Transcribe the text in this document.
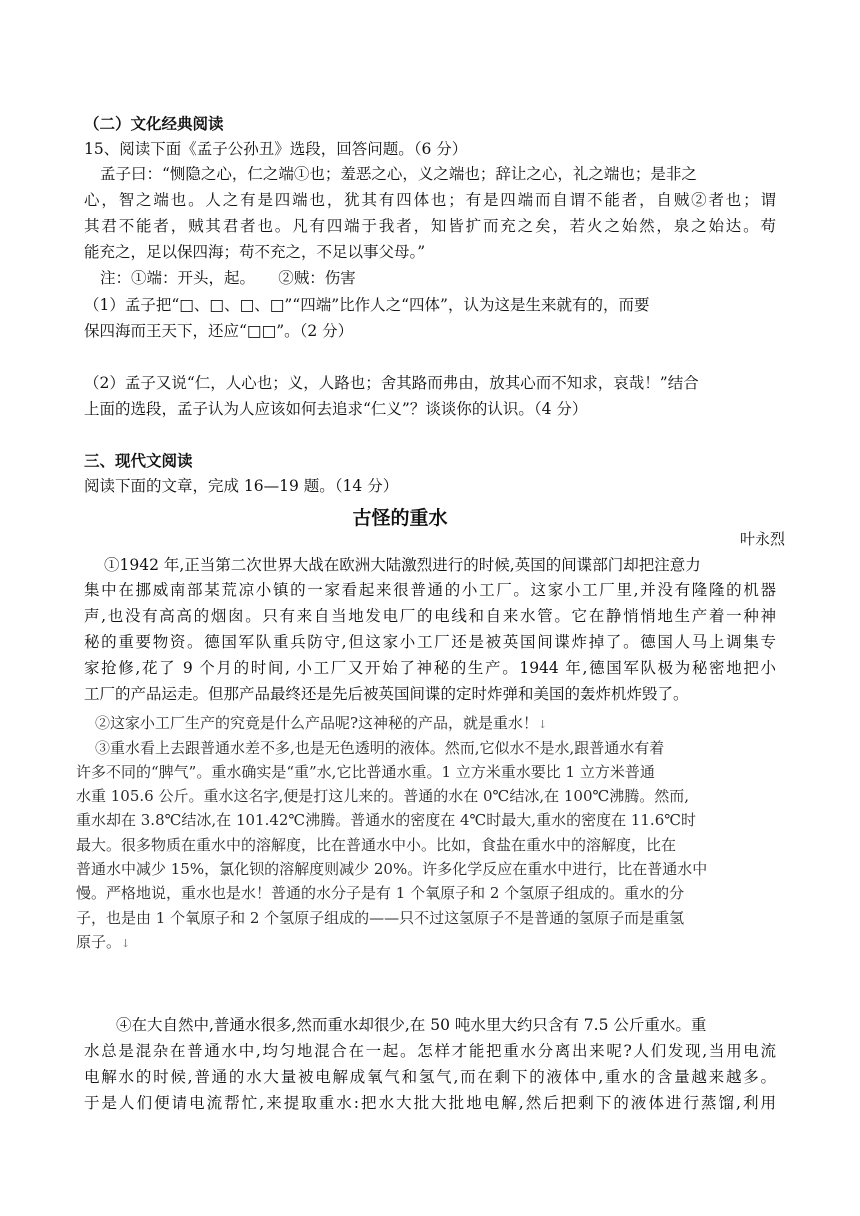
（二）文化经典阅读
15、阅读下面《孟子公孙丑》选段，回答问题。（6 分）
孟子曰：“恻隐之心，仁之端①也；羞恶之心，义之端也；辞让之心，礼之端也；是非之
心，智之端也。人之有是四端也，犹其有四体也；有是四端而自谓不能者，自贼②者也；谓
其君不能者，贼其君者也。凡有四端于我者，知皆扩而充之矣，若火之始然，泉之始达。苟
能充之，足以保四海；苟不充之，不足以事父母。”
注：①端：开头，起。　　②贼：伤害
（1）孟子把“□、□、□、□”“四端”比作人之“四体”，认为这是生来就有的，而要
保四海而王天下，还应“□□”。（2 分）
（2）孟子又说“仁，人心也；义，人路也；舍其路而弗由，放其心而不知求，哀哉！”结合
上面的选段，孟子认为人应该如何去追求“仁义”？谈谈你的认识。（4 分）
三、现代文阅读
阅读下面的文章，完成 16—19 题。（14 分）
古怪的重水
叶永烈
①1942 年,正当第二次世界大战在欧洲大陆激烈进行的时候,英国的间谍部门却把注意力
集中在挪威南部某荒凉小镇的一家看起来很普通的小工厂。这家小工厂里,并没有隆隆的机器
声,也没有高高的烟囱。只有来自当地发电厂的电线和自来水管。它在静悄悄地生产着一种神
秘的重要物资。德国军队重兵防守,但这家小工厂还是被英国间谍炸掉了。德国人马上调集专
家抢修,花了 9 个月的时间, 小工厂又开始了神秘的生产。1944 年,德国军队极为秘密地把小
工厂的产品运走。但那产品最终还是先后被英国间谍的定时炸弹和美国的轰炸机炸毁了。
②这家小工厂生产的究竟是什么产品呢?这神秘的产品，就是重水！↓
③重水看上去跟普通水差不多,也是无色透明的液体。然而,它似水不是水,跟普通水有着
许多不同的“脾气”。重水确实是“重”水,它比普通水重。1 立方米重水要比 1 立方米普通
水重 105.6 公斤。重水这名字,便是打这儿来的。普通的水在 0℃结冰,在 100℃沸腾。然而,
重水却在 3.8℃结冰,在 101.42℃沸腾。普通水的密度在 4℃时最大,重水的密度在 11.6℃时
最大。很多物质在重水中的溶解度，比在普通水中小。比如，食盐在重水中的溶解度，比在
普通水中减少 15%，氯化钡的溶解度则减少 20%。许多化学反应在重水中进行，比在普通水中
慢。严格地说，重水也是水！普通的水分子是有 1 个氧原子和 2 个氢原子组成的。重水的分
子，也是由 1 个氧原子和 2 个氢原子组成的——只不过这氢原子不是普通的氢原子而是重氢
原子。↓
④在大自然中,普通水很多,然而重水却很少,在 50 吨水里大约只含有 7.5 公斤重水。重
水总是混杂在普通水中,均匀地混合在一起。怎样才能把重水分离出来呢?人们发现,当用电流
电解水的时候,普通的水大量被电解成氧气和氢气,而在剩下的液体中,重水的含量越来越多。
于是人们便请电流帮忙,来提取重水:把水大批大批地电解,然后把剩下的液体进行蒸馏,利用
